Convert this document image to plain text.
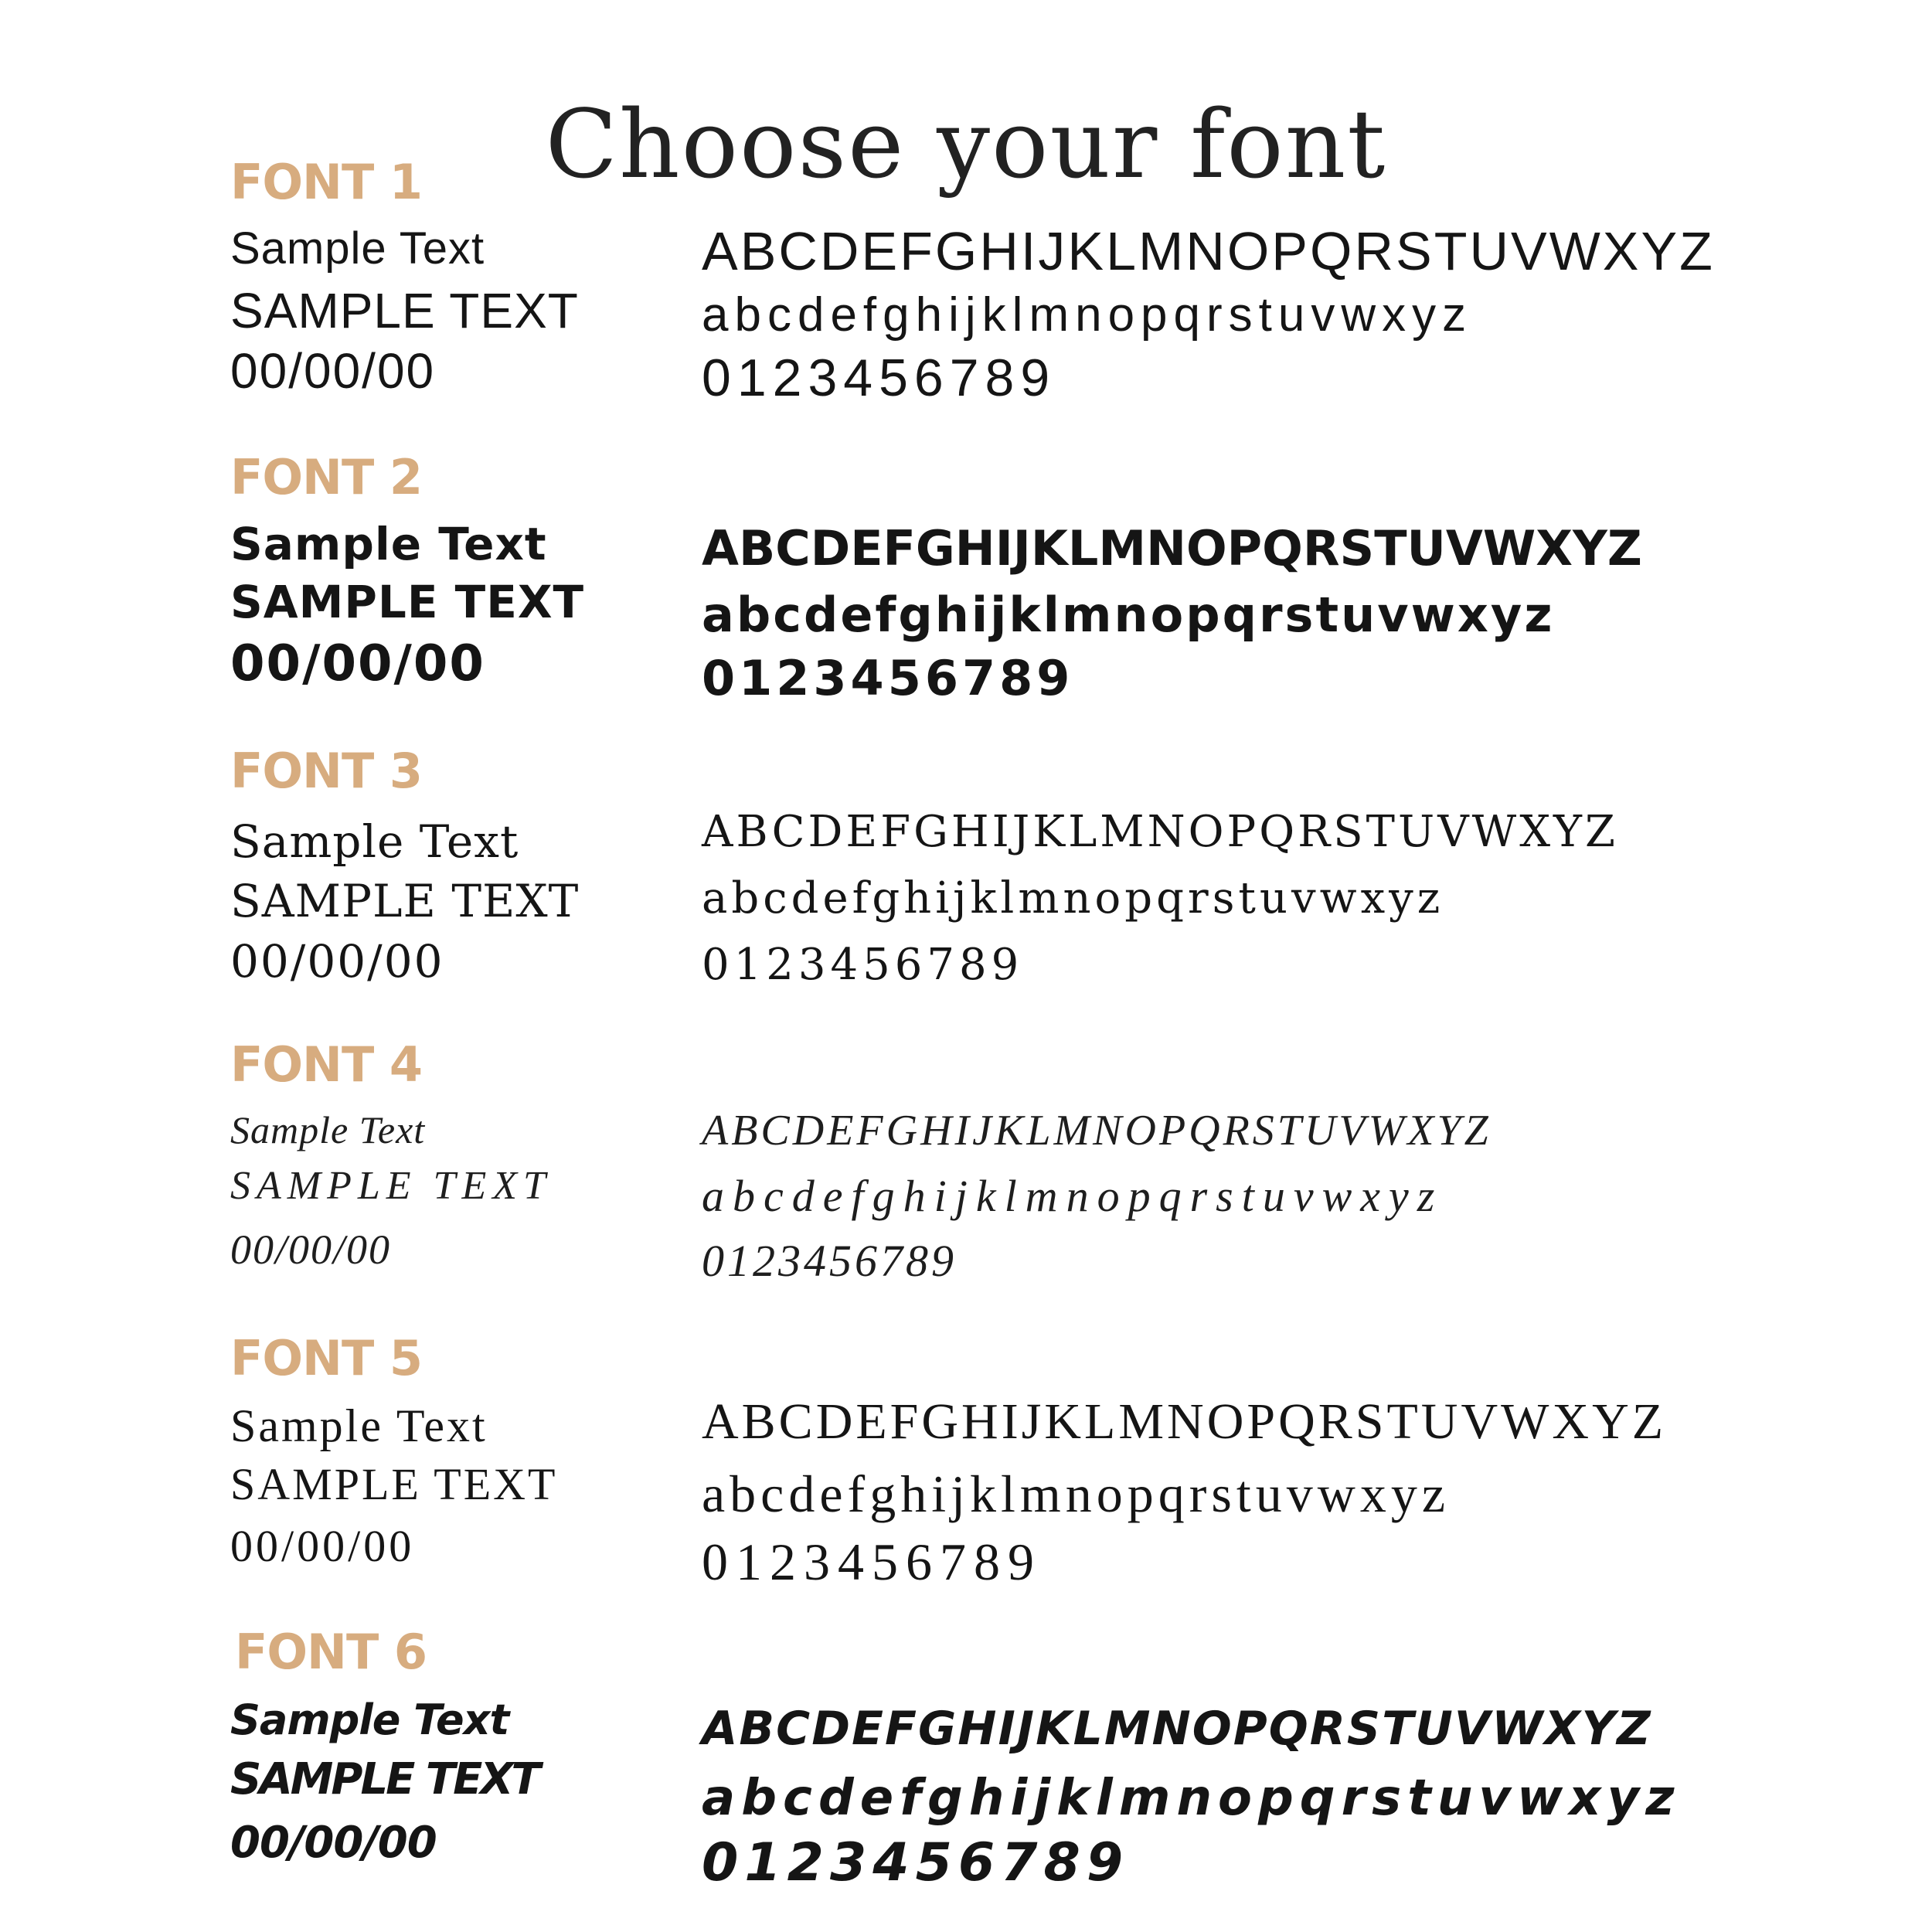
Choose your font
FONT 1
Sample Text
SAMPLE TEXT
00/00/00
ABCDEFGHIJKLMNOPQRSTUVWXYZ
abcdefghijklmnopqrstuvwxyz
0123456789
FONT 2
Sample Text
SAMPLE TEXT
00/00/00
ABCDEFGHIJKLMNOPQRSTUVWXYZ
abcdefghijklmnopqrstuvwxyz
0123456789
FONT 3
Sample Text
SAMPLE TEXT
00/00/00
ABCDEFGHIJKLMNOPQRSTUVWXYZ
abcdefghijklmnopqrstuvwxyz
0123456789
FONT 4
Sample Text
SAMPLE TEXT
00/00/00
ABCDEFGHIJKLMNOPQRSTUVWXYZ
abcdefghijklmnopqrstuvwxyz
0123456789
FONT 5
Sample Text
SAMPLE TEXT
00/00/00
ABCDEFGHIJKLMNOPQRSTUVWXYZ
abcdefghijklmnopqrstuvwxyz
0123456789
FONT 6
Sample Text
SAMPLE TEXT
00/00/00
ABCDEFGHIJKLMNOPQRSTUVWXYZ
abcdefghijklmnopqrstuvwxyz
0123456789
